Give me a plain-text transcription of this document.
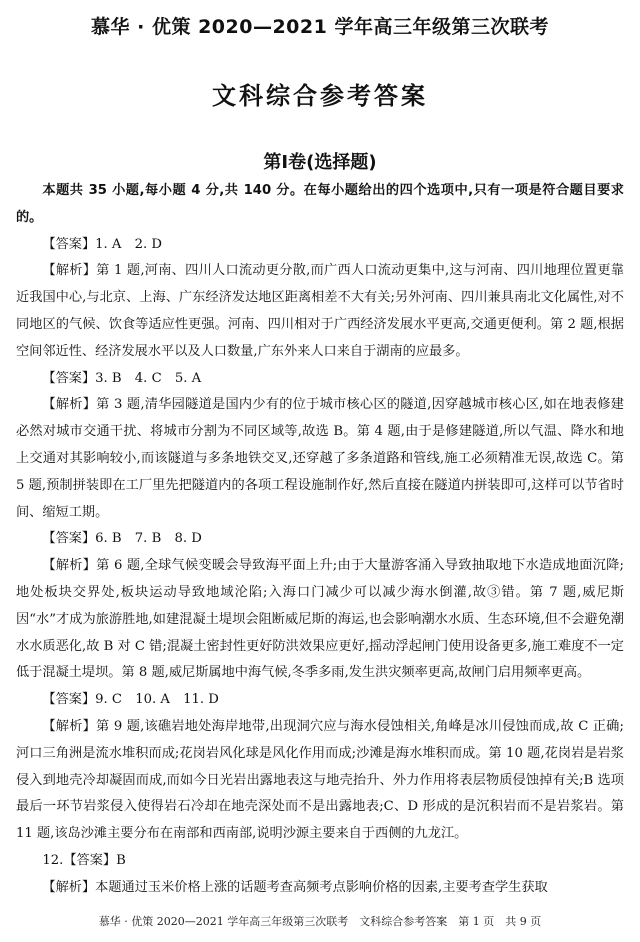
慕华 · 优策 2020—2021 学年高三年级第三次联考
文科综合参考答案
第Ⅰ卷(选择题)

本题共 35 小题,每小题 4 分,共 140 分。在每小题给出的四个选项中,只有一项是符合题目要求的。

【答案】1. A　2. D

【解析】第 1 题,河南、四川人口流动更分散,而广西人口流动更集中,这与河南、四川地理位置更靠近我国中心,与北京、上海、广东经济发达地区距离相差不大有关;另外河南、四川兼具南北文化属性,对不同地区的气候、饮食等适应性更强。河南、四川相对于广西经济发展水平更高,交通更便利。第 2 题,根据空间邻近性、经济发展水平以及人口数量,广东外来人口来自于湖南的应最多。

【答案】3. B　4. C　5. A

【解析】第 3 题,清华园隧道是国内少有的位于城市核心区的隧道,因穿越城市核心区,如在地表修建必然对城市交通干扰、将城市分割为不同区域等,故选 B。第 4 题,由于是修建隧道,所以气温、降水和地上交通对其影响较小,而该隧道与多条地铁交叉,还穿越了多条道路和管线,施工必须精准无误,故选 C。第 5 题,预制拼装即在工厂里先把隧道内的各项工程设施制作好,然后直接在隧道内拼装即可,这样可以节省时间、缩短工期。

【答案】6. B　7. B　8. D

【解析】第 6 题,全球气候变暖会导致海平面上升;由于大量游客涌入导致抽取地下水造成地面沉降;地处板块交界处,板块运动导致地域沦陷;入海口门减少可以减少海水倒灌,故③错。第 7 题,威尼斯因“水”才成为旅游胜地,如建混凝土堤坝会阻断威尼斯的海运,也会影响潮水水质、生态环境,但不会避免潮水水质恶化,故 B 对 C 错;混凝土密封性更好防洪效果应更好,摇动浮起闸门使用设备更多,施工难度不一定低于混凝土堤坝。第 8 题,威尼斯属地中海气候,冬季多雨,发生洪灾频率更高,故闸门启用频率更高。

【答案】9. C　10. A　11. D

【解析】第 9 题,该礁岩地处海岸地带,出现洞穴应与海水侵蚀相关,角峰是冰川侵蚀而成,故 C 正确;河口三角洲是流水堆积而成;花岗岩风化球是风化作用而成;沙滩是海水堆积而成。第 10 题,花岗岩是岩浆侵入到地壳冷却凝固而成,而如今日光岩出露地表这与地壳抬升、外力作用将表层物质侵蚀掉有关;B 选项最后一环节岩浆侵入使得岩石冷却在地壳深处而不是出露地表;C、D 形成的是沉积岩而不是岩浆岩。第 11 题,该岛沙滩主要分布在南部和西南部,说明沙源主要来自于西侧的九龙江。

12.【答案】B

【解析】本题通过玉米价格上涨的话题考查高频考点影响价格的因素,主要考查学生获取

慕华 · 优策 2020—2021 学年高三年级第三次联考　文科综合参考答案　第 1 页　共 9 页
